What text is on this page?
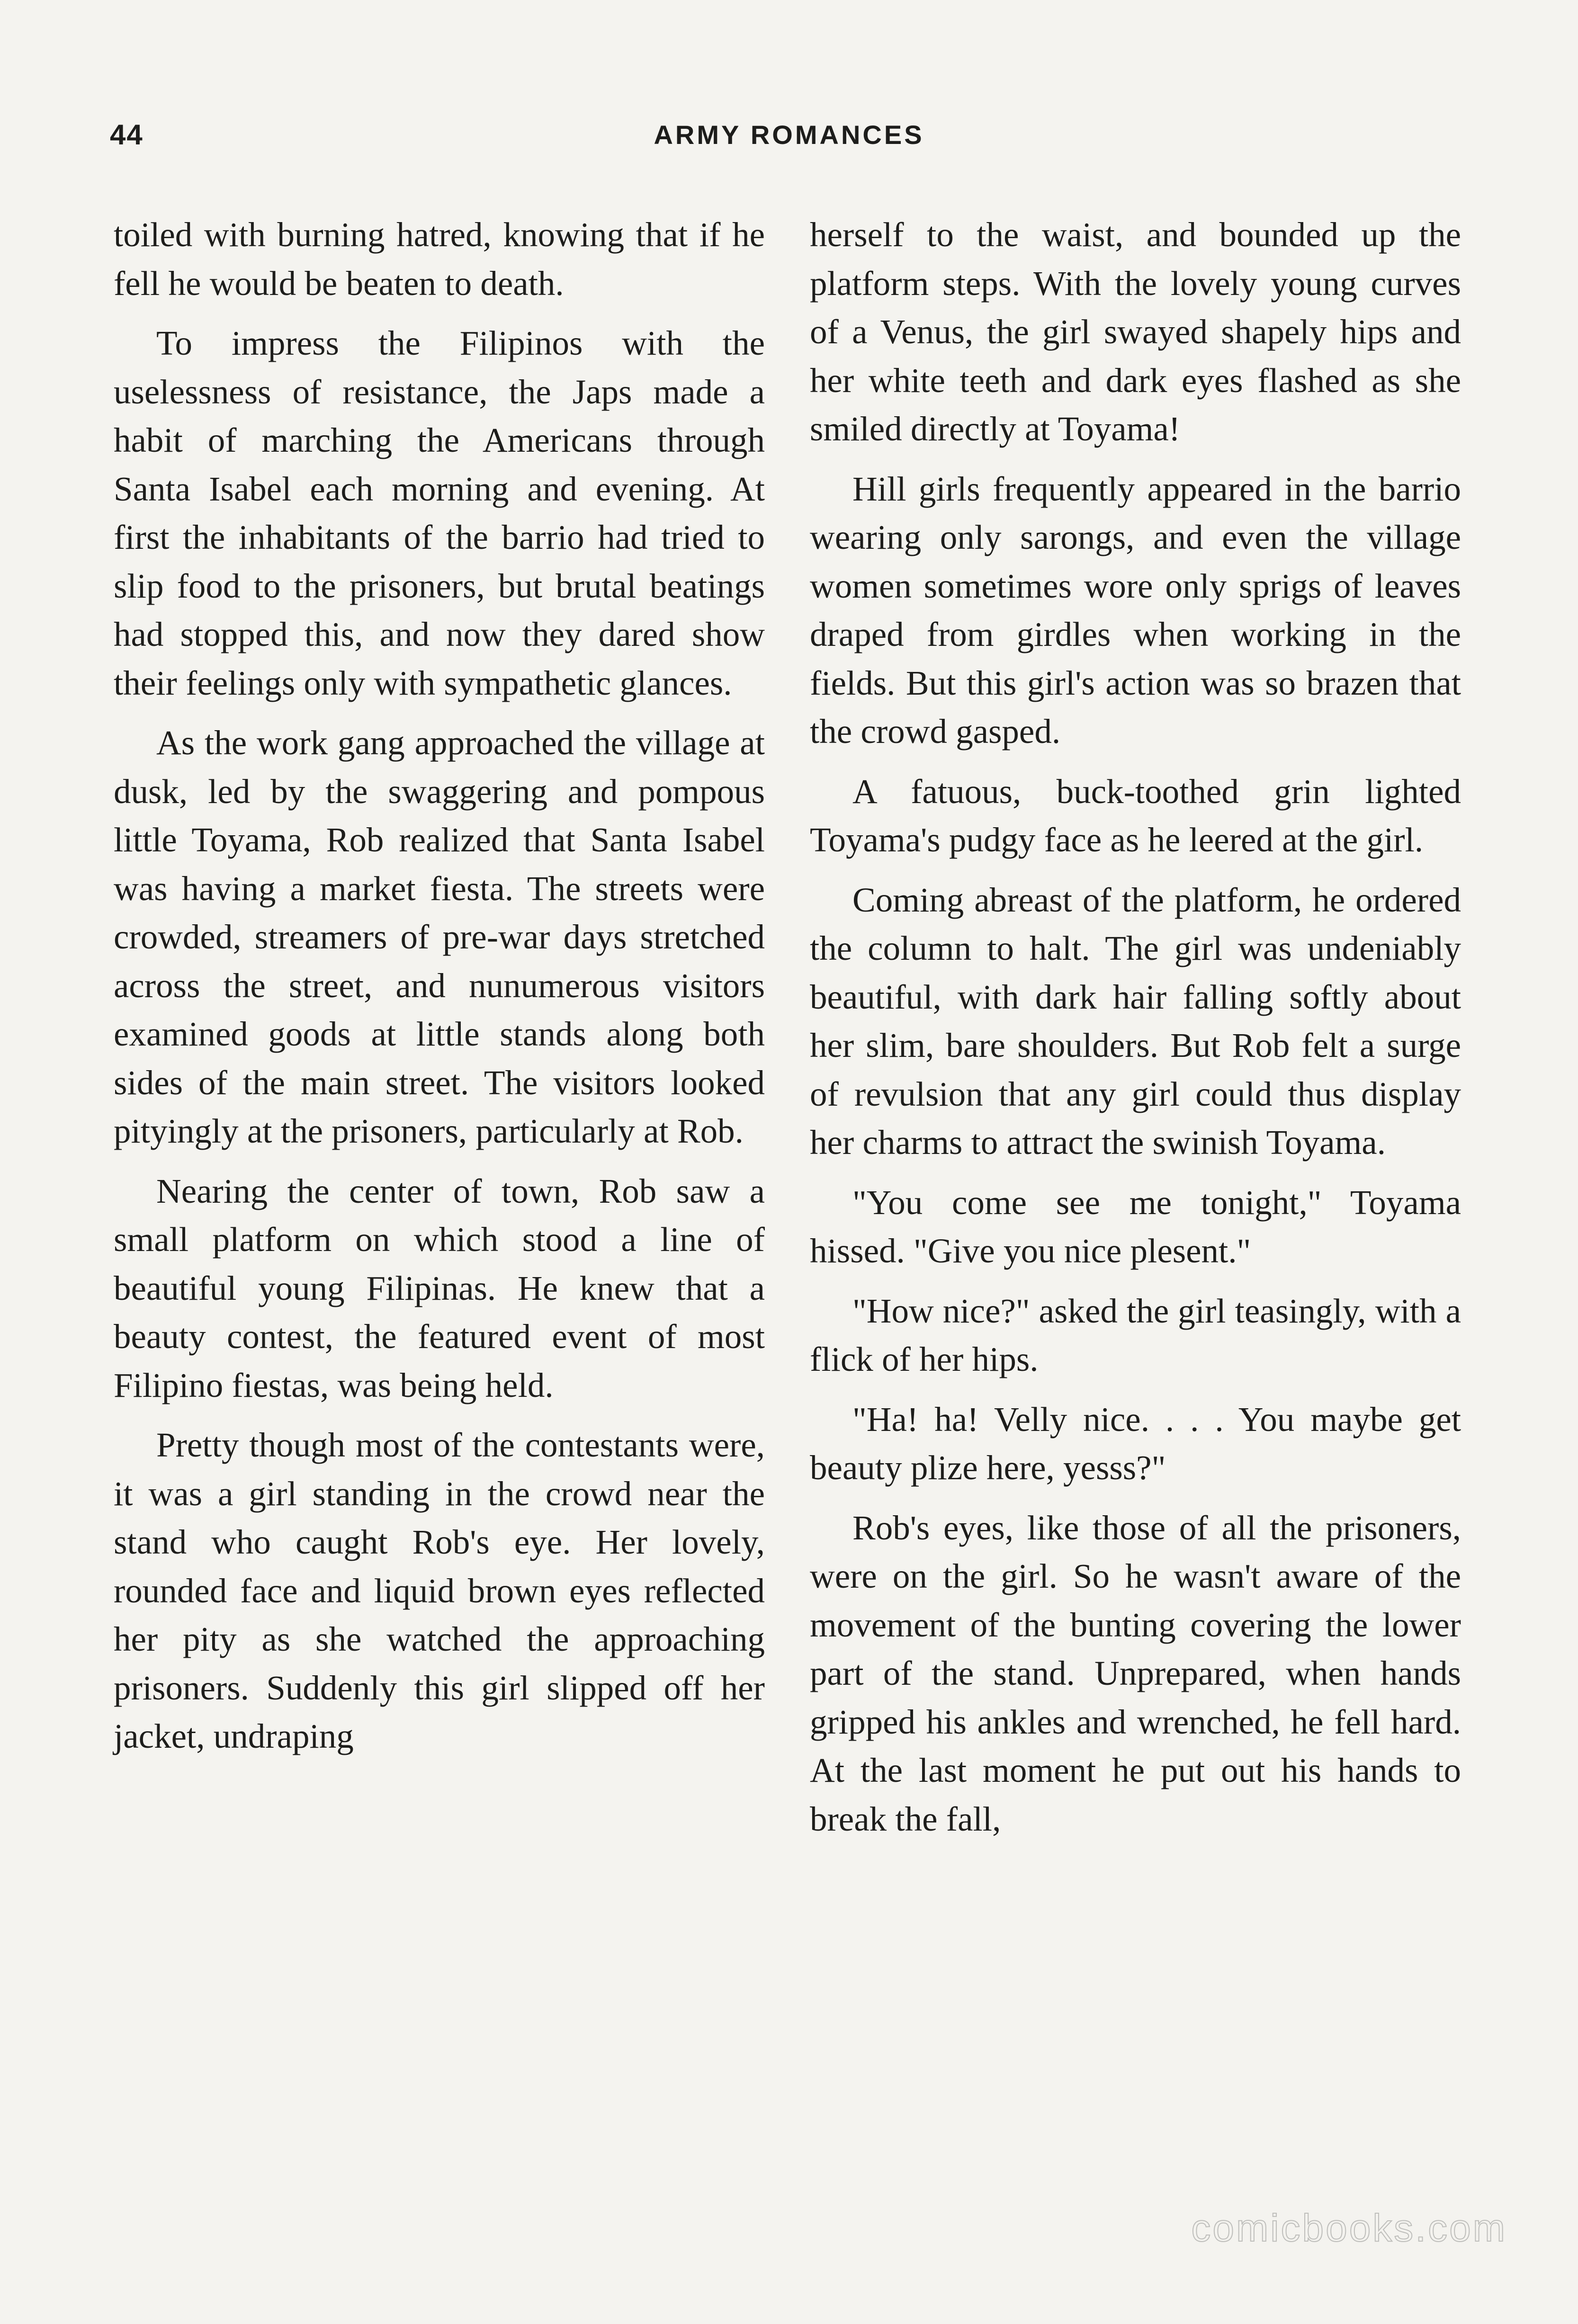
44	ARMY ROMANCES

toiled with burning hatred, knowing that if he fell he would be beaten to death.

To impress the Filipinos with the uselessness of resistance, the Japs made a habit of marching the Americans through Santa Isabel each morning and evening. At first the inhabitants of the barrio had tried to slip food to the prisoners, but brutal beatings had stopped this, and now they dared show their feelings only with sympathetic glances.

As the work gang approached the village at dusk, led by the swaggering and pompous little Toyama, Rob realized that Santa Isabel was having a market fiesta. The streets were crowded, streamers of pre-war days stretched across the street, and nunumerous visitors examined goods at little stands along both sides of the main street. The visitors looked pityingly at the prisoners, particularly at Rob.

Nearing the center of town, Rob saw a small platform on which stood a line of beautiful young Filipinas. He knew that a beauty contest, the featured event of most Filipino fiestas, was being held.

Pretty though most of the contestants were, it was a girl standing in the crowd near the stand who caught Rob's eye. Her lovely, rounded face and liquid brown eyes reflected her pity as she watched the approaching prisoners. Suddenly this girl slipped off her jacket, undraping

herself to the waist, and bounded up the platform steps. With the lovely young curves of a Venus, the girl swayed shapely hips and her white teeth and dark eyes flashed as she smiled directly at Toyama!

Hill girls frequently appeared in the barrio wearing only sarongs, and even the village women sometimes wore only sprigs of leaves draped from girdles when working in the fields. But this girl's action was so brazen that the crowd gasped.

A fatuous, buck-toothed grin lighted Toyama's pudgy face as he leered at the girl.

Coming abreast of the platform, he ordered the column to halt. The girl was undeniably beautiful, with dark hair falling softly about her slim, bare shoulders. But Rob felt a surge of revulsion that any girl could thus display her charms to attract the swinish Toyama.

"You come see me tonight," Toyama hissed. "Give you nice plesent."

"How nice?" asked the girl teasingly, with a flick of her hips.

"Ha! ha! Velly nice. . . . You maybe get beauty plize here, yesss?"

Rob's eyes, like those of all the prisoners, were on the girl. So he wasn't aware of the movement of the bunting covering the lower part of the stand. Unprepared, when hands gripped his ankles and wrenched, he fell hard. At the last moment he put out his hands to break the fall,

comicbooks.com
